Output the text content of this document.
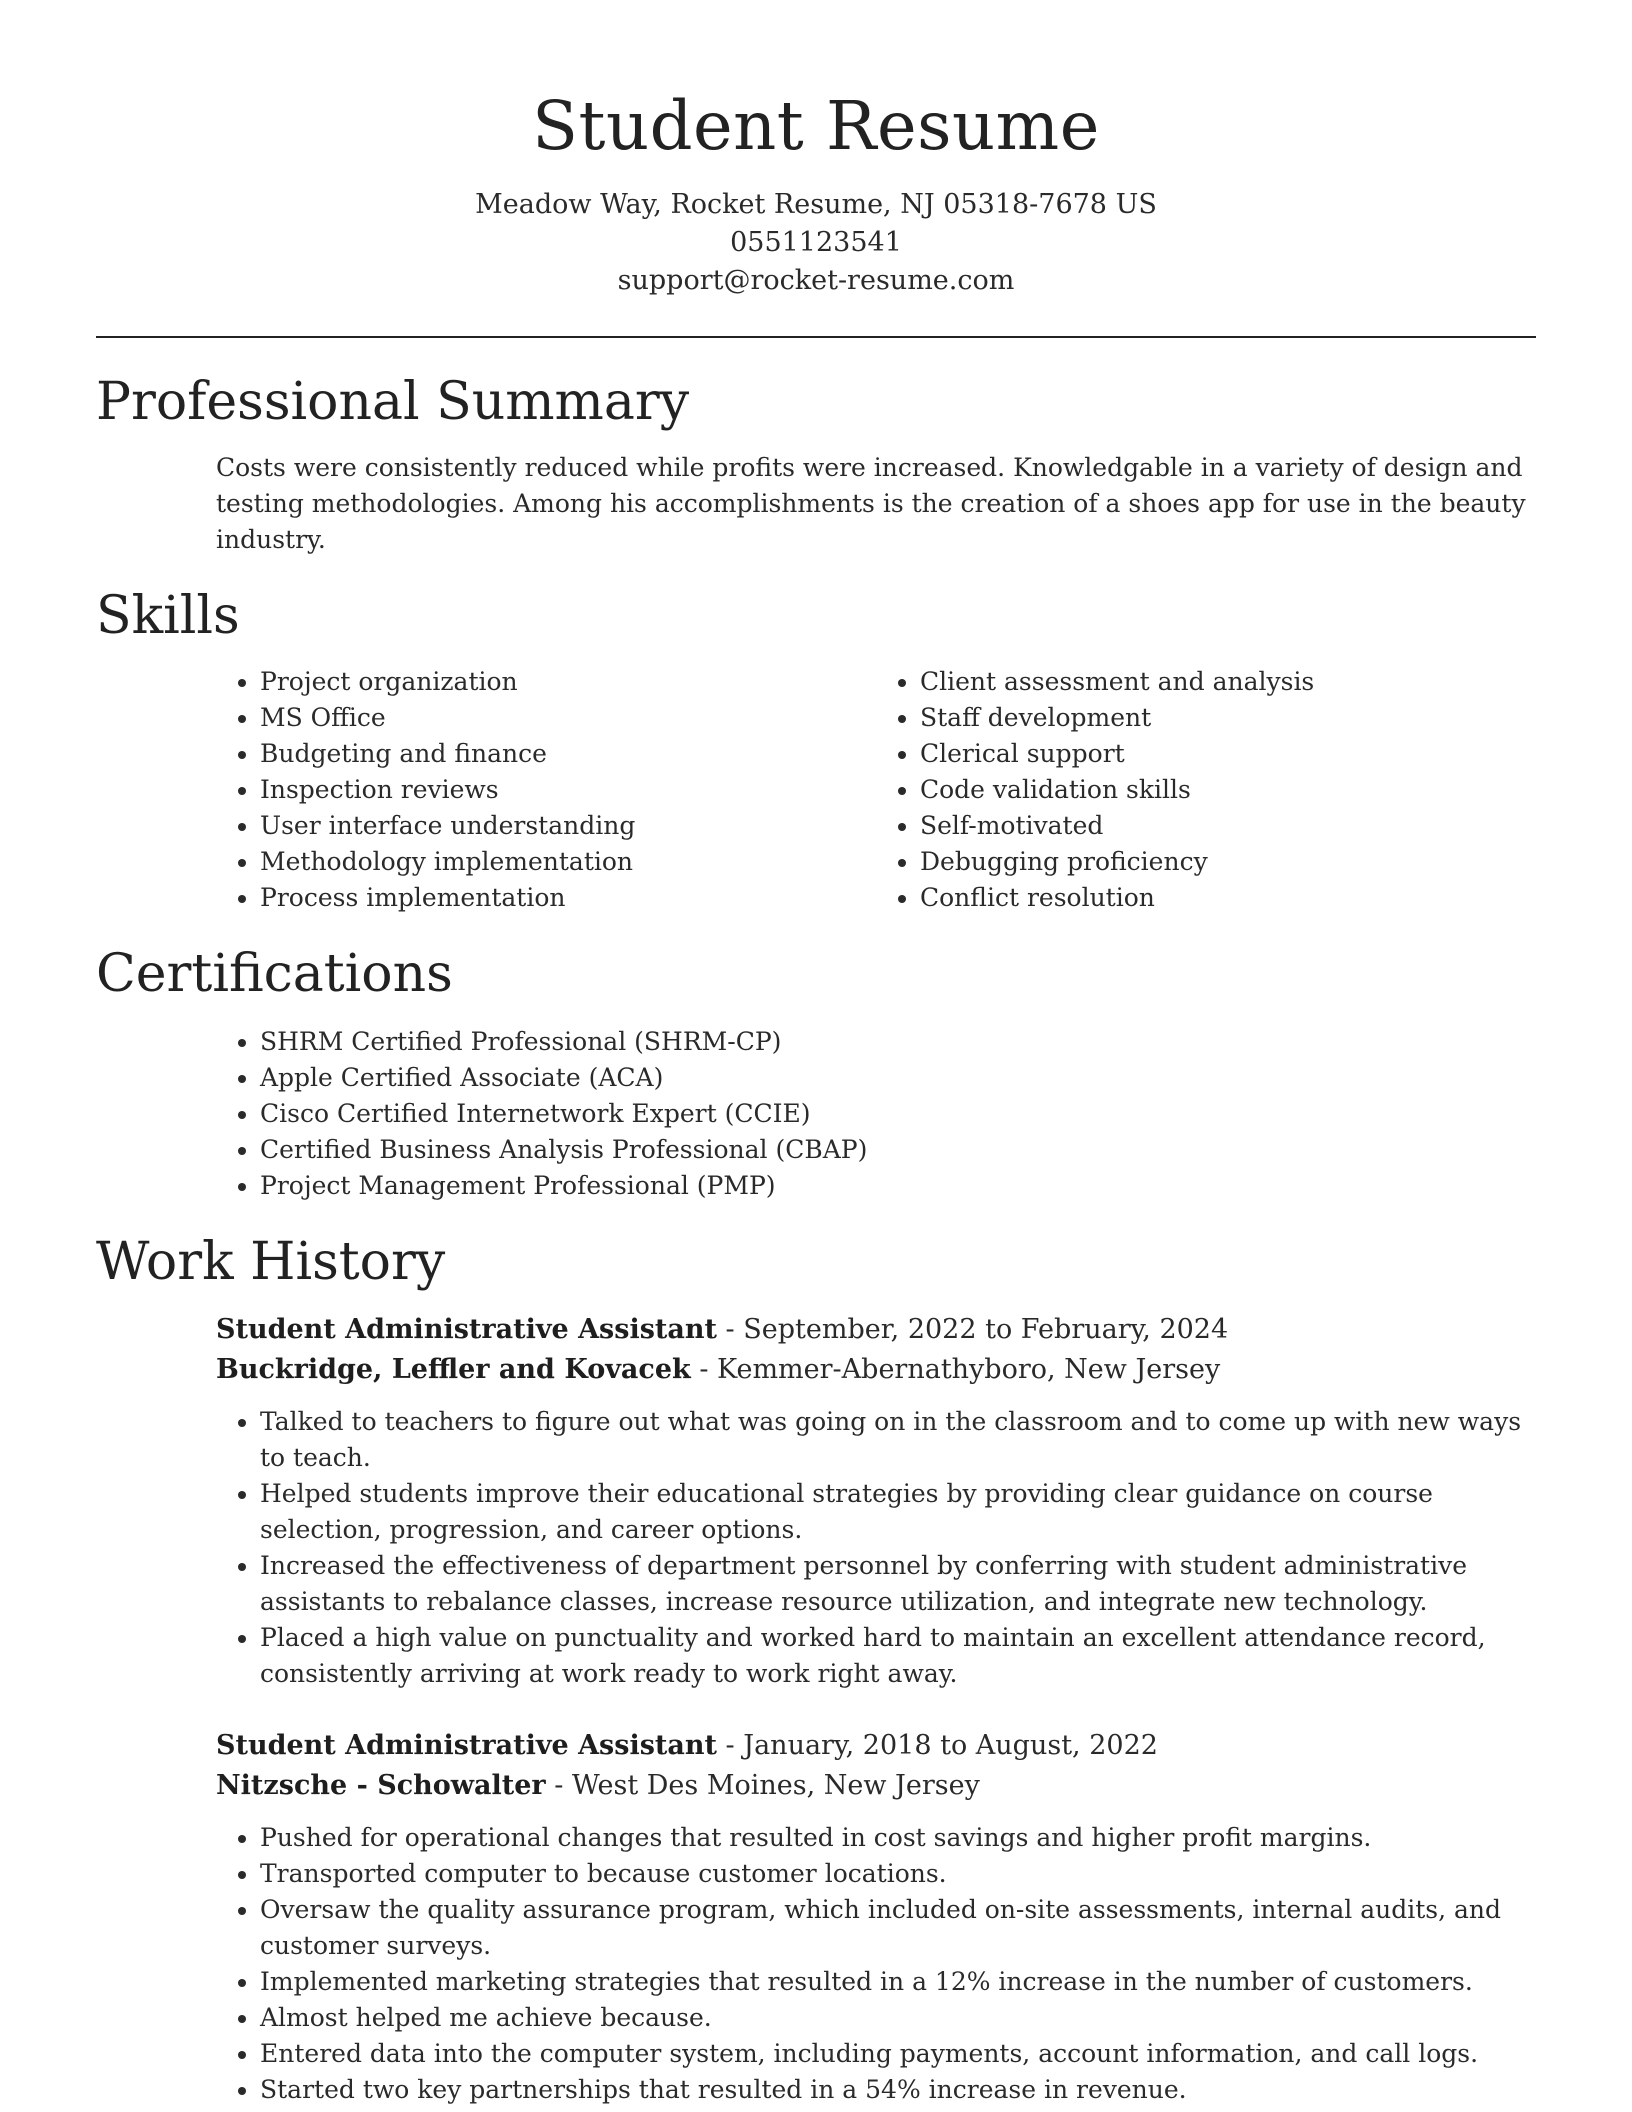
Student Resume
Meadow Way, Rocket Resume, NJ 05318-7678 US
0551123541
support@rocket-resume.com
Professional Summary

Costs were consistently reduced while profits were increased. Knowledgable in a variety of design and testing methodologies. Among his accomplishments is the creation of a shoes app for use in the beauty industry.

Skills
• Project organization
• MS Office
• Budgeting and finance
• Inspection reviews
• User interface understanding
• Methodology implementation
• Process implementation
• Client assessment and analysis
• Staff development
• Clerical support
• Code validation skills
• Self-motivated
• Debugging proficiency
• Conflict resolution
Certifications
• SHRM Certified Professional (SHRM-CP)
• Apple Certified Associate (ACA)
• Cisco Certified Internetwork Expert (CCIE)
• Certified Business Analysis Professional (CBAP)
• Project Management Professional (PMP)
Work History
Student Administrative Assistant - September, 2022 to February, 2024
Buckridge, Leffler and Kovacek - Kemmer-Abernathyboro, New Jersey
• Talked to teachers to figure out what was going on in the classroom and to come up with new ways to teach.
• Helped students improve their educational strategies by providing clear guidance on course selection, progression, and career options.
• Increased the effectiveness of department personnel by conferring with student administrative assistants to rebalance classes, increase resource utilization, and integrate new technology.
• Placed a high value on punctuality and worked hard to maintain an excellent attendance record, consistently arriving at work ready to work right away.
Student Administrative Assistant - January, 2018 to August, 2022
Nitzsche - Schowalter - West Des Moines, New Jersey
• Pushed for operational changes that resulted in cost savings and higher profit margins.
• Transported computer to because customer locations.
• Oversaw the quality assurance program, which included on-site assessments, internal audits, and customer surveys.
• Implemented marketing strategies that resulted in a 12% increase in the number of customers.
• Almost helped me achieve because.
• Entered data into the computer system, including payments, account information, and call logs.
• Started two key partnerships that resulted in a 54% increase in revenue.
